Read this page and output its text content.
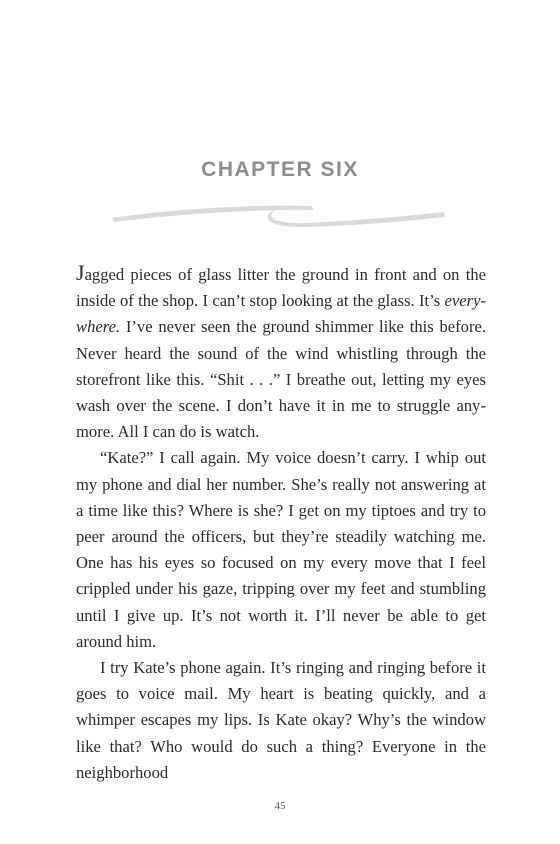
CHAPTER SIX

Jagged pieces of glass litter the ground in front and on the inside of the shop. I can’t stop looking at the glass. It’s everywhere. I’ve never seen the ground shimmer like this before. Never heard the sound of the wind whistling through the storefront like this. “Shit . . .” I breathe out, letting my eyes wash over the scene. I don’t have it in me to struggle anymore. All I can do is watch.

“Kate?” I call again. My voice doesn’t carry. I whip out my phone and dial her number. She’s really not answering at a time like this? Where is she? I get on my tiptoes and try to peer around the officers, but they’re steadily watching me. One has his eyes so focused on my every move that I feel crippled under his gaze, tripping over my feet and stumbling until I give up. It’s not worth it. I’ll never be able to get around him.

I try Kate’s phone again. It’s ringing and ringing before it goes to voice mail. My heart is beating quickly, and a whimper escapes my lips. Is Kate okay? Why’s the window like that? Who would do such a thing? Everyone in the neighborhood

45
